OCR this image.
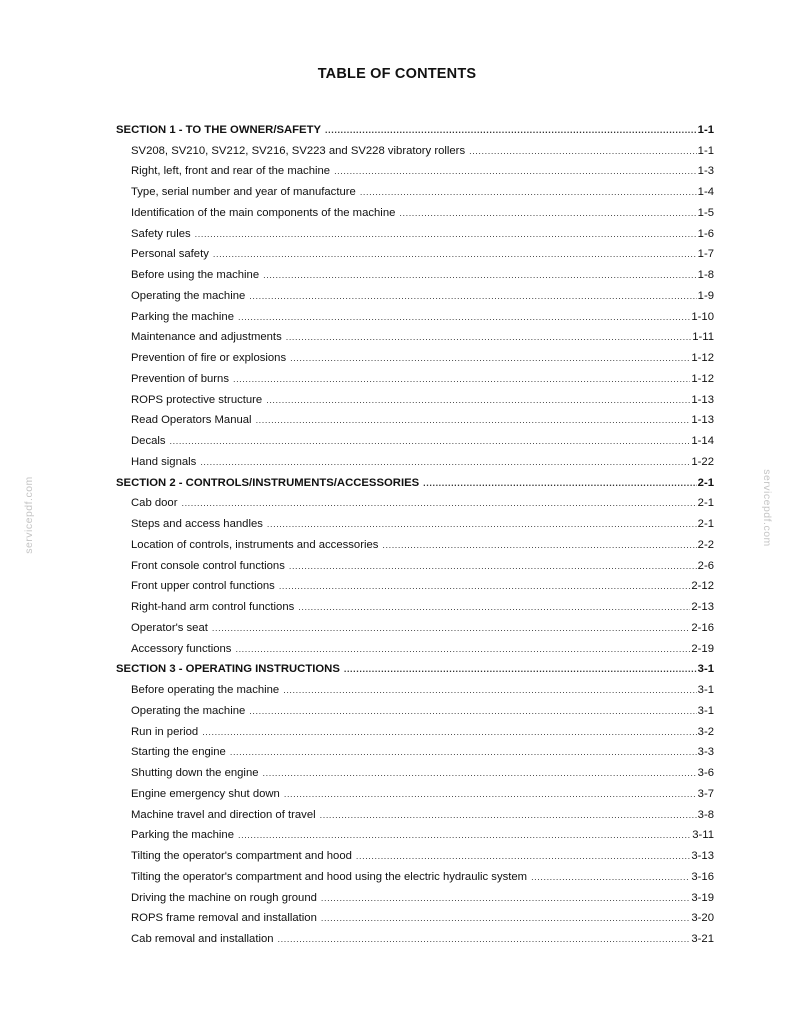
TABLE OF CONTENTS
SECTION 1 - TO THE OWNER/SAFETY .....	1-1
SV208, SV210, SV212, SV216, SV223 and SV228 vibratory rollers .....	1-1
Right, left, front and rear of the machine .....	1-3
Type, serial number and year of manufacture .....	1-4
Identification of the main components of the machine .....	1-5
Safety rules .....	1-6
Personal safety .....	1-7
Before using the machine .....	1-8
Operating the machine .....	1-9
Parking the machine .....	1-10
Maintenance and adjustments .....	1-11
Prevention of fire or explosions .....	1-12
Prevention of burns .....	1-12
ROPS protective structure .....	1-13
Read Operators Manual .....	1-13
Decals .....	1-14
Hand signals .....	1-22
SECTION 2 - CONTROLS/INSTRUMENTS/ACCESSORIES .....	2-1
Cab door .....	2-1
Steps and access handles .....	2-1
Location of controls, instruments and accessories .....	2-2
Front console control functions .....	2-6
Front upper control functions .....	2-12
Right-hand arm control functions .....	2-13
Operator's seat .....	2-16
Accessory functions .....	2-19
SECTION 3 - OPERATING INSTRUCTIONS .....	3-1
Before operating the machine .....	3-1
Operating the machine .....	3-1
Run in period .....	3-2
Starting the engine .....	3-3
Shutting down the engine .....	3-6
Engine emergency shut down .....	3-7
Machine travel and direction of travel .....	3-8
Parking the machine .....	3-11
Tilting the operator's compartment and hood .....	3-13
Tilting the operator's compartment and hood using the electric hydraulic system .....	3-16
Driving the machine on rough ground .....	3-19
ROPS frame removal and installation .....	3-20
Cab removal and installation .....	3-21
servicepdf.com	servicepdf.com
